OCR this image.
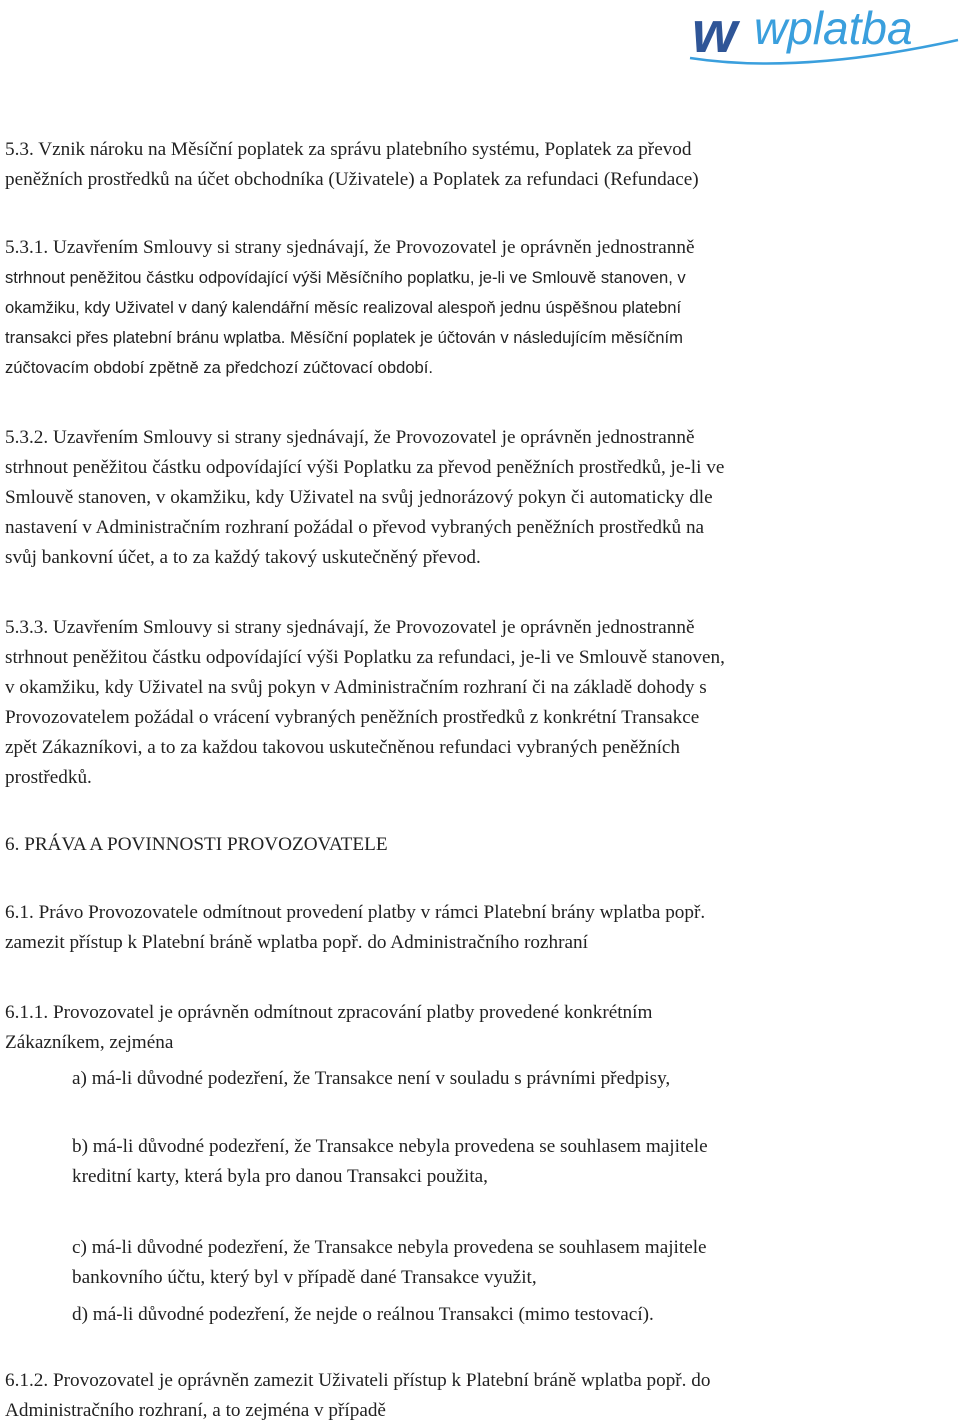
w wplatba

5.3. Vznik nároku na Měsíční poplatek za správu platebního systému, Poplatek za převod
peněžních prostředků na účet obchodníka (Uživatele) a Poplatek za refundaci (Refundace)

5.3.1. Uzavřením Smlouvy si strany sjednávají, že Provozovatel je oprávněn jednostranně
strhnout peněžitou částku odpovídající výši Měsíčního poplatku, je-li ve Smlouvě stanoven, v
okamžiku, kdy Uživatel v daný kalendářní měsíc realizoval alespoň jednu úspěšnou platební
transakci přes platební bránu wplatba. Měsíční poplatek je účtován v následujícím měsíčním
zúčtovacím období zpětně za předchozí zúčtovací období.

5.3.2. Uzavřením Smlouvy si strany sjednávají, že Provozovatel je oprávněn jednostranně
strhnout peněžitou částku odpovídající výši Poplatku za převod peněžních prostředků, je-li ve
Smlouvě stanoven, v okamžiku, kdy Uživatel na svůj jednorázový pokyn či automaticky dle
nastavení v Administračním rozhraní požádal o převod vybraných peněžních prostředků na
svůj bankovní účet, a to za každý takový uskutečněný převod.

5.3.3. Uzavřením Smlouvy si strany sjednávají, že Provozovatel je oprávněn jednostranně
strhnout peněžitou částku odpovídající výši Poplatku za refundaci, je-li ve Smlouvě stanoven,
v okamžiku, kdy Uživatel na svůj pokyn v Administračním rozhraní či na základě dohody s
Provozovatelem požádal o vrácení vybraných peněžních prostředků z konkrétní Transakce
zpět Zákazníkovi, a to za každou takovou uskutečněnou refundaci vybraných peněžních
prostředků.

6. PRÁVA A POVINNOSTI PROVOZOVATELE

6.1. Právo Provozovatele odmítnout provedení platby v rámci Platební brány wplatba popř.
zamezit přístup k Platební bráně wplatba popř. do Administračního rozhraní

6.1.1. Provozovatel je oprávněn odmítnout zpracování platby provedené konkrétním
Zákazníkem, zejména

a) má-li důvodné podezření, že Transakce není v souladu s právními předpisy,

b) má-li důvodné podezření, že Transakce nebyla provedena se souhlasem majitele
kreditní karty, která byla pro danou Transakci použita,

c) má-li důvodné podezření, že Transakce nebyla provedena se souhlasem majitele
bankovního účtu, který byl v případě dané Transakce využit,

d) má-li důvodné podezření, že nejde o reálnou Transakci (mimo testovací).

6.1.2. Provozovatel je oprávněn zamezit Uživateli přístup k Platební bráně wplatba popř. do
Administračního rozhraní, a to zejména v případě
